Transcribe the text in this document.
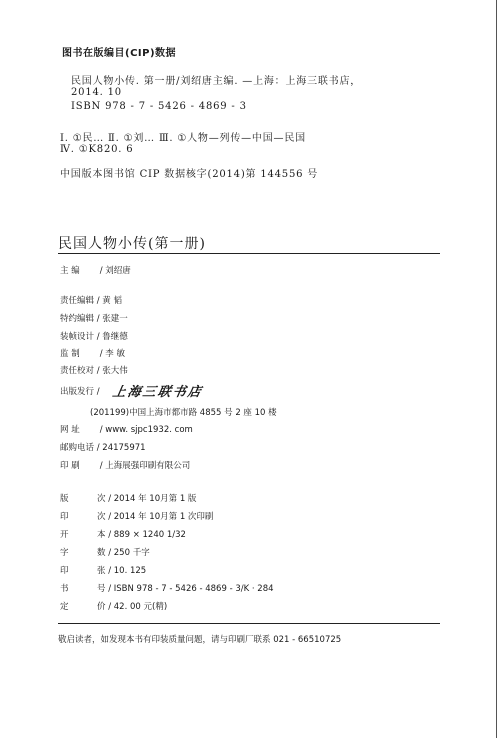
图书在版编目(CIP)数据
民国人物小传. 第一册/刘绍唐主编. —上海：上海三联书店，
2014. 10
ISBN 978 - 7 - 5426 - 4869 - 3
Ⅰ. ①民… Ⅱ. ①刘… Ⅲ. ①人物—列传—中国—民国
Ⅳ. ①K820. 6
中国版本图书馆 CIP 数据核字(2014)第 144556 号
民国人物小传(第一册)
主 编 / 刘绍唐
责任编辑 / 黄 韬
特约编辑 / 张建一
装帧设计 / 鲁继德
监 制 / 李 敏
责任校对 / 张大伟
出版发行 / 上海三联书店
(201199)中国上海市都市路 4855 号 2 座 10 楼
网 址 / www. sjpc1932. com
邮购电话 / 24175971
印 刷 / 上海展强印刷有限公司
版	次 / 2014 年 10月第 1 版
印	次 / 2014 年 10月第 1 次印刷
开	本 / 889 × 1240 1/32
字	数 / 250 千字
印	张 / 10. 125
书	号 / ISBN 978 - 7 - 5426 - 4869 - 3/K · 284
定	价 / 42. 00 元(精)
敬启读者，如发现本书有印装质量问题，请与印刷厂联系 021 - 66510725
